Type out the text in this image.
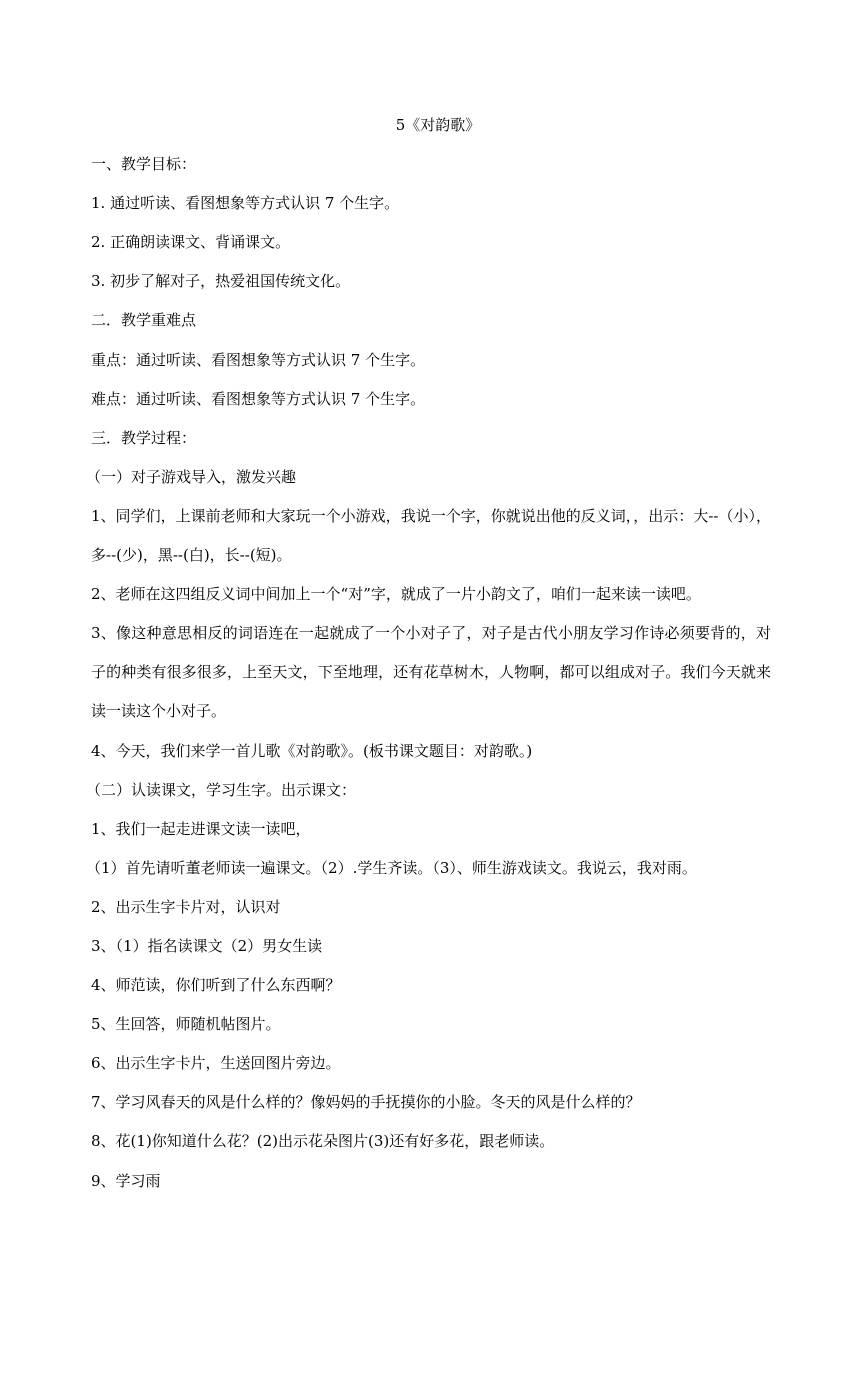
5《对韵歌》

一、教学目标：

1. 通过听读、看图想象等方式认识 7 个生字。

2. 正确朗读课文、背诵课文。

3. 初步了解对子，热爱祖国传统文化。

二．教学重难点

重点：通过听读、看图想象等方式认识 7 个生字。

难点：通过听读、看图想象等方式认识 7 个生字。

三．教学过程：

（一）对子游戏导入，激发兴趣

1、同学们，上课前老师和大家玩一个小游戏，我说一个字，你就说出他的反义词，，出示：大--（小），多--(少)，黑--(白)，长--(短)。

2、老师在这四组反义词中间加上一个“对”字，就成了一片小韵文了，咱们一起来读一读吧。

3、像这种意思相反的词语连在一起就成了一个小对子了，对子是古代小朋友学习作诗必须要背的，对子的种类有很多很多，上至天文，下至地理，还有花草树木，人物啊，都可以组成对子。我们今天就来读一读这个小对子。

4、今天，我们来学一首儿歌《对韵歌》。(板书课文题目：对韵歌。)

（二）认读课文，学习生字。出示课文：

1、我们一起走进课文读一读吧，

（1）首先请听董老师读一遍课文。（2）.学生齐读。（3）、师生游戏读文。我说云，我对雨。

2、出示生字卡片对，认识对

3、（1）指名读课文（2）男女生读

4、师范读，你们听到了什么东西啊？

5、生回答，师随机帖图片。

6、出示生字卡片，生送回图片旁边。

7、学习风春天的风是什么样的？像妈妈的手抚摸你的小脸。冬天的风是什么样的？

8、花(1)你知道什么花？(2)出示花朵图片(3)还有好多花，跟老师读。

9、学习雨
